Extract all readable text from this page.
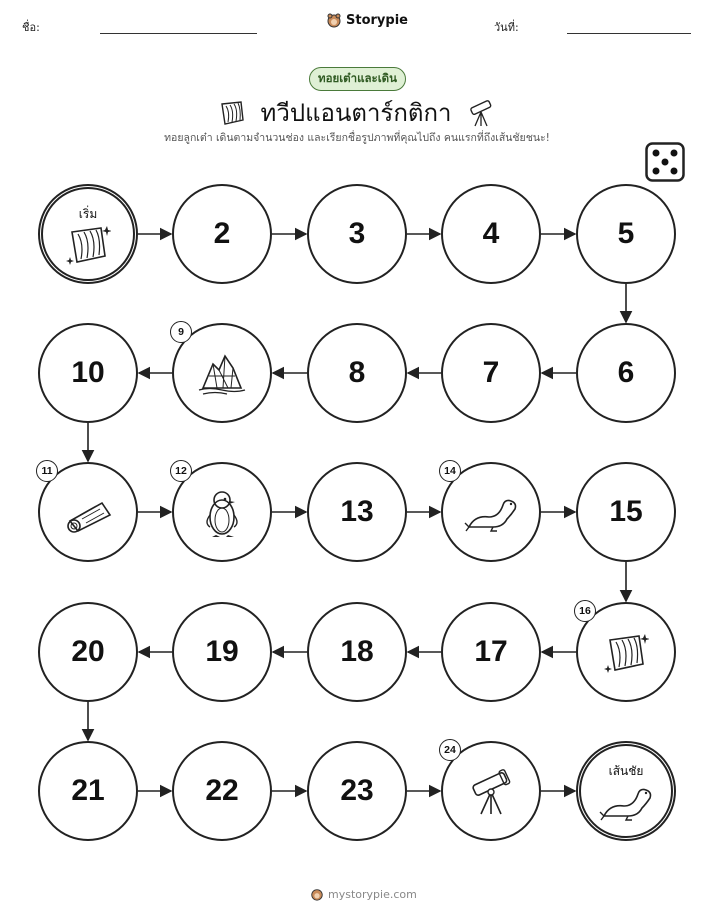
ชื่อ:	Storypie	วันที่:
ทอยเต๋าและเดิน
ทวีปแอนตาร์กติกา
ทอยลูกเต๋า เดินตามจำนวนช่อง และเรียกชื่อรูปภาพที่คุณไปถึง คนแรกที่ถึงเส้นชัยชนะ!
เริ่ม
2	3	4	5
6
7
8
9
10
11	12
13
14
15
16
17
18
19
20
21	22	23
24
เส้นชัย
mystorypie.com
